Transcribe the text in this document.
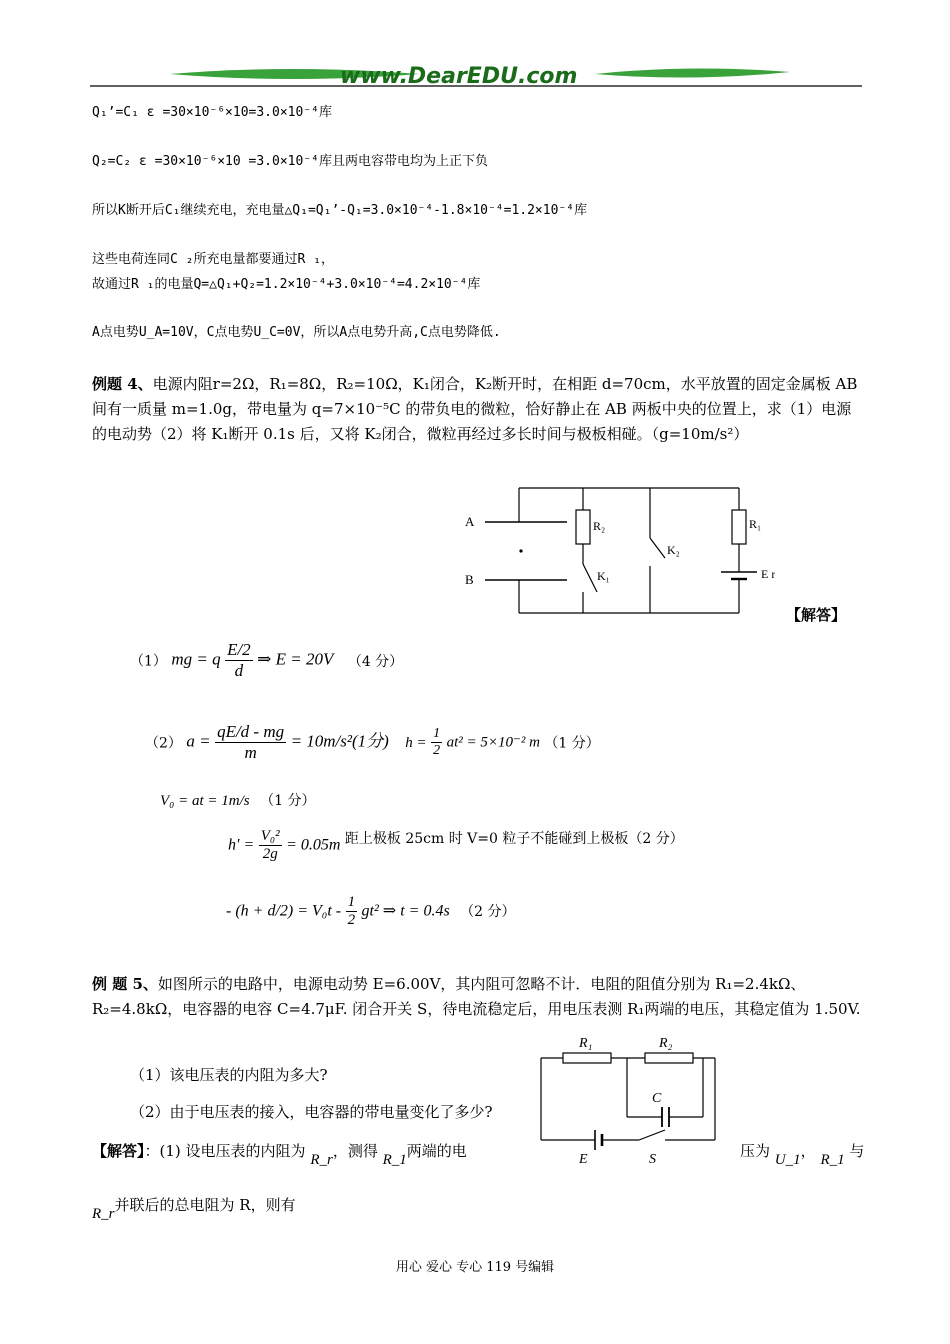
www.DearEDU.com
Q₁’=C₁ ε =30×10⁻⁶×10=3.0×10⁻⁴库
Q₂=C₂ ε =30×10⁻⁶×10 =3.0×10⁻⁴库且两电容带电均为上正下负
所以K断开后C₁继续充电，充电量△Q₁=Q₁’-Q₁=3.0×10⁻⁴-1.8×10⁻⁴=1.2×10⁻⁴库
这些电荷连同C ₂所充电量都要通过R ₁，
故通过R ₁的电量Q=△Q₁+Q₂=1.2×10⁻⁴+3.0×10⁻⁴=4.2×10⁻⁴库
A点电势U_A=10V，C点电势U_C=0V，所以A点电势升高,C点电势降低.
例题 4、电源内阻r=2Ω，R₁=8Ω，R₂=10Ω，K₁闭合，K₂断开时，在相距 d=70cm，水平放置的固定金属板 AB 间有一质量 m=1.0g，带电量为 q=7×10⁻⁵C 的带负电的微粒，恰好静止在 AB 两板中央的位置上，求（1）电源的电动势（2）将 K₁断开 0.1s 后，又将 K₂闭合，微粒再经过多长时间与极板相碰。（g=10m/s²）
A
B
R₂
K₁
K₂
R₁
E r
【解答】
（1） mg = q $\frac{E/2}{d}$ ⇒ E = 20V （4 分）
（2） $a = \frac{qE/d - mg}{m} = 10m/s^2(1$分) $h = \frac{1}{2} at^2 = 5\times 10^{-2}$ m （1 分）
V₀ = at = 1m/s （1 分）
$h' = \frac{\text{V₀²}}{2g} = 0.05m$ 距上极板 25cm 时 V=0 粒子不能碰到上极板（2 分）
- $(h + d/2) = V_0t - \frac{1}{2} gt^2$ ⇒ t = 0.4s （2 分）
例 题 5、如图所示的电路中，电源电动势 E=6.00V，其内阻可忽略不计．电阻的阻值分别为 R₁=2.4kΩ、R₂=4.8kΩ，电容器的电容 C=4.7μF. 闭合开关 S，待电流稳定后，用电压表测 R₁两端的电压，其稳定值为 1.50V.
（1）该电压表的内阻为多大?
（2）由于电压表的接入，电容器的带电量变化了多少?
R₁	R₂
C
E	S
【解答】：(1) 设电压表的内阻为 R_r，测得 R_1两端的电	压为 U_1， R_1 与
R_r并联后的总电阻为 R，则有
用心 爱心 专心 119 号编辑
